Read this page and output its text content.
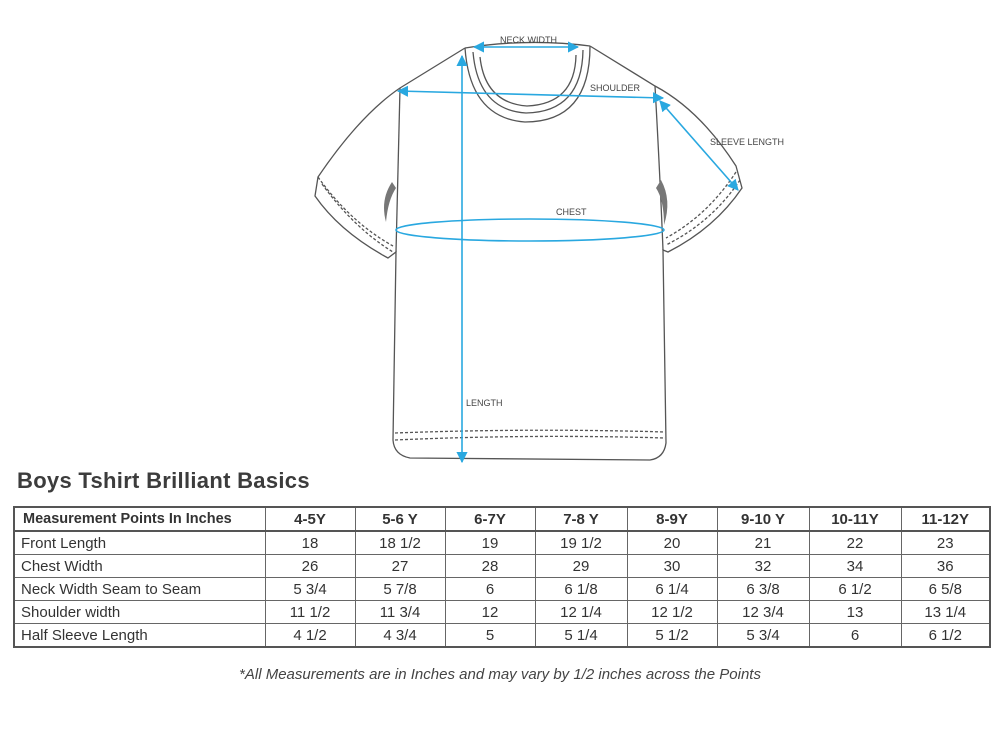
NECK WIDTH
SHOULDER
SLEEVE LENGTH
CHEST
LENGTH
Boys Tshirt Brilliant Basics
Measurement Points In Inches	4-5Y	5-6 Y	6-7Y	7-8 Y	8-9Y	9-10 Y	10-11Y	11-12Y
Front Length	18	18 1/2	19	19 1/2	20	21	22	23
Chest Width	26	27	28	29	30	32	34	36
Neck Width Seam to Seam	5 3/4	5 7/8	6	6 1/8	6 1/4	6 3/8	6 1/2	6 5/8
Shoulder width	11 1/2	11 3/4	12	12 1/4	12 1/2	12 3/4	13	13 1/4
Half Sleeve Length	4 1/2	4 3/4	5	5 1/4	5 1/2	5 3/4	6	6 1/2

*All Measurements are in Inches and may vary by 1/2 inches across the Points
